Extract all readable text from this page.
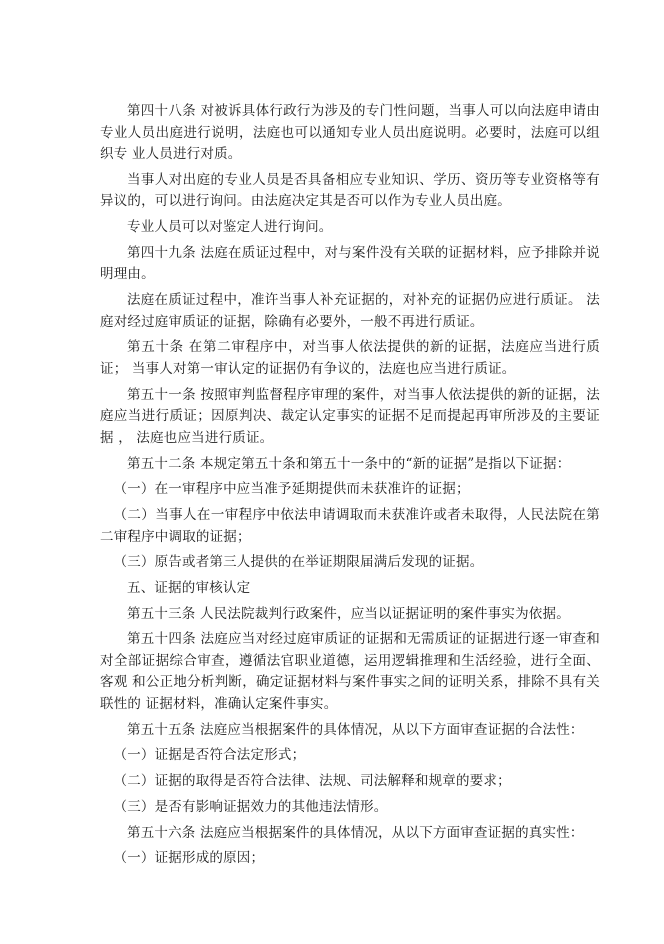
第四十八条 对被诉具体行政行为涉及的专门性问题，当事人可以向法庭申请由专业人员出庭进行说明，法庭也可以通知专业人员出庭说明。必要时，法庭可以组织专 业人员进行对质。

当事人对出庭的专业人员是否具备相应专业知识、学历、资历等专业资格等有异议的，可以进行询问。由法庭决定其是否可以作为专业人员出庭。

专业人员可以对鉴定人进行询问。

第四十九条 法庭在质证过程中，对与案件没有关联的证据材料，应予排除并说明理由。

法庭在质证过程中，准许当事人补充证据的，对补充的证据仍应进行质证。 法庭对经过庭审质证的证据，除确有必要外，一般不再进行质证。

第五十条 在第二审程序中，对当事人依法提供的新的证据，法庭应当进行质证； 当事人对第一审认定的证据仍有争议的，法庭也应当进行质证。

第五十一条 按照审判监督程序审理的案件，对当事人依法提供的新的证据，法庭应当进行质证；因原判决、裁定认定事实的证据不足而提起再审所涉及的主要证据 ， 法庭也应当进行质证。

第五十二条 本规定第五十条和第五十一条中的“新的证据”是指以下证据：

（一）在一审程序中应当准予延期提供而未获准许的证据；

（二）当事人在一审程序中依法申请调取而未获准许或者未取得，人民法院在第二审程序中调取的证据；

（三）原告或者第三人提供的在举证期限届满后发现的证据。

五、证据的审核认定

第五十三条 人民法院裁判行政案件，应当以证据证明的案件事实为依据。

第五十四条 法庭应当对经过庭审质证的证据和无需质证的证据进行逐一审查和对全部证据综合审查，遵循法官职业道德，运用逻辑推理和生活经验，进行全面、客观 和公正地分析判断，确定证据材料与案件事实之间的证明关系，排除不具有关联性的 证据材料，准确认定案件事实。

第五十五条 法庭应当根据案件的具体情况，从以下方面审查证据的合法性：

（一）证据是否符合法定形式；

（二）证据的取得是否符合法律、法规、司法解释和规章的要求；

（三）是否有影响证据效力的其他违法情形。

第五十六条 法庭应当根据案件的具体情况，从以下方面审查证据的真实性：

（一）证据形成的原因；
